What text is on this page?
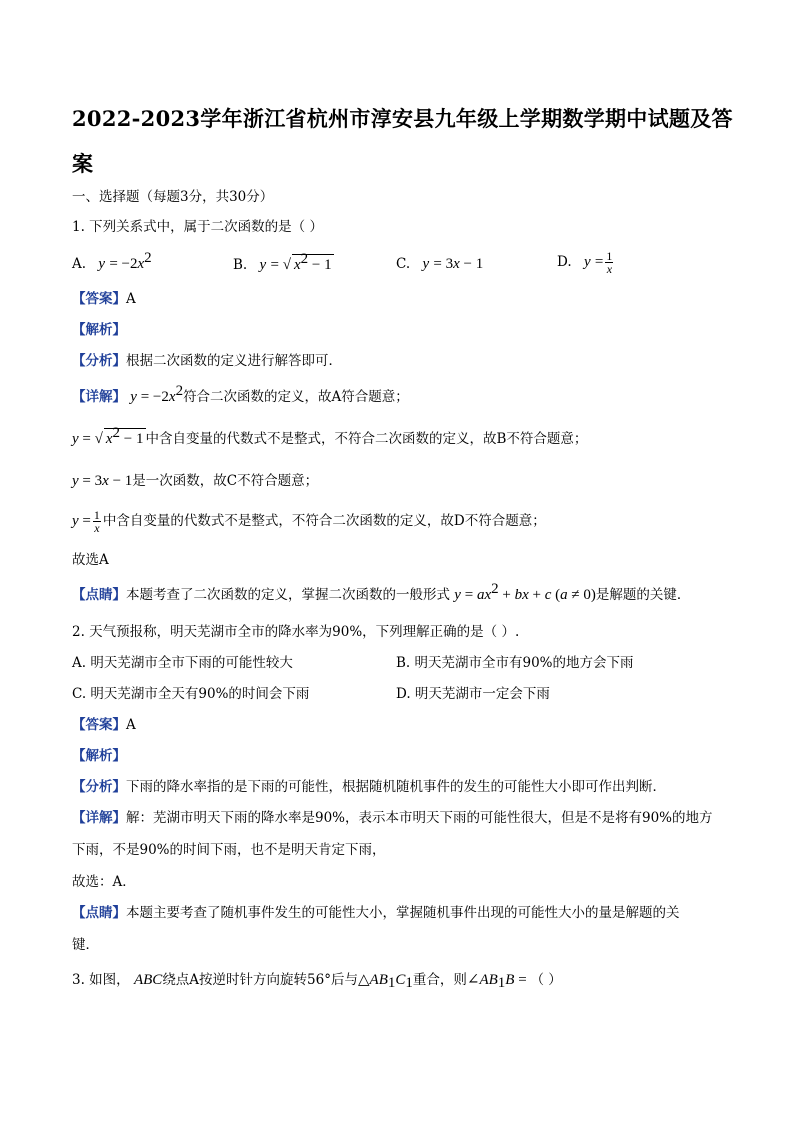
2022-2023学年浙江省杭州市淳安县九年级上学期数学期中试题及答
案
一、选择题（每题3分，共30分）
1. 下列关系式中，属于二次函数的是（ ）
A. $y = -2x^2$	B. y = √ $x^2 - 1$	C. y = 3x − 1	D. $y = \frac{1}{x}$
【答案】A
【解析】
【分析】根据二次函数的定义进行解答即可．
【详解】 $y = -2x^2$符合二次函数的定义，故A符合题意；
y = √ $x^2 - 1$ 中含自变量的代数式不是整式，不符合二次函数的定义，故B不符合题意；
y = 3x − 1是一次函数，故C不符合题意；
$y = \frac{1}{x}$ 中含自变量的代数式不是整式，不符合二次函数的定义，故D不符合题意；
故选A
【点睛】本题考查了二次函数的定义，掌握二次函数的一般形式 $y = ax^2$ + bx + c (a ≠ 0)是解题的关键．
2. 天气预报称，明天芜湖市全市的降水率为90%，下列理解正确的是（ ）.
A. 明天芜湖市全市下雨的可能性较大	B. 明天芜湖市全市有90%的地方会下雨
C. 明天芜湖市全天有90%的时间会下雨	D. 明天芜湖市一定会下雨
【答案】A
【解析】
【分析】下雨的降水率指的是下雨的可能性，根据随机随机事件的发生的可能性大小即可作出判断．
【详解】解：芜湖市明天下雨的降水率是90%，表示本市明天下雨的可能性很大，但是不是将有90%的地方
下雨，不是90%的时间下雨，也不是明天肯定下雨，
故选：A．
【点睛】本题主要考查了随机事件发生的可能性大小，掌握随机事件出现的可能性大小的量是解题的关
键．
3. 如图， ABC绕点A按逆时针方向旋转56°后与$\triangle AB_1C_1$重合，则$\angle AB_1B$ = （ ）
